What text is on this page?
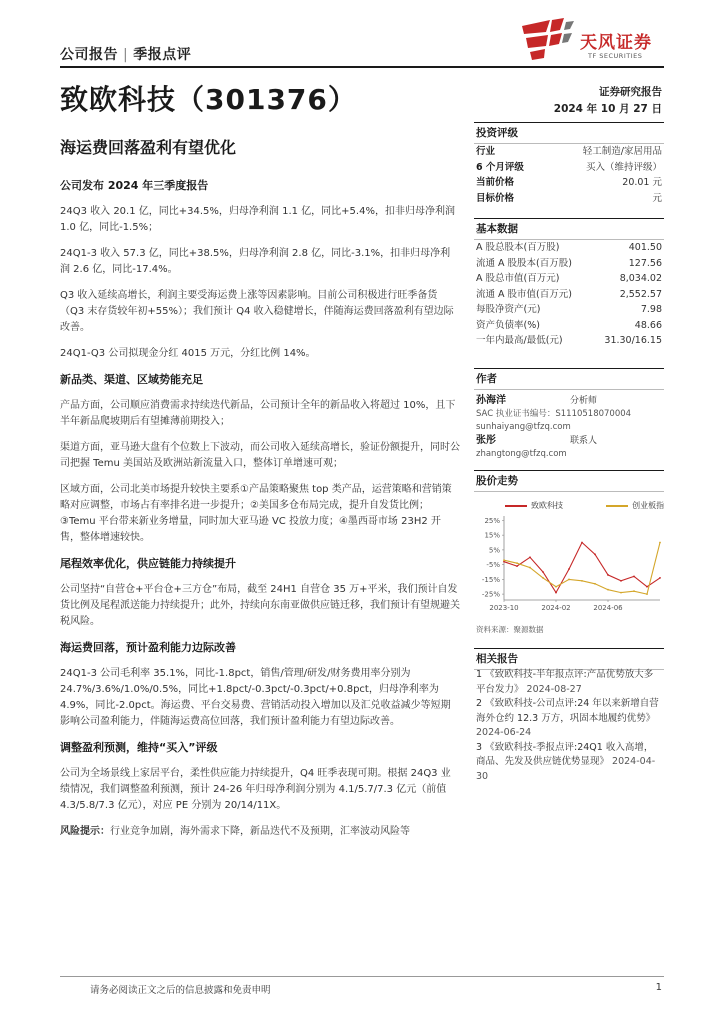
公司报告 | 季报点评
天风证券
TF SECURITIES
致欧科技（301376）	证券研究报告
2024 年 10 月 27 日
海运费回落盈利有望优化
公司发布 2024 年三季度报告

24Q3 收入 20.1 亿，同比+34.5%，归母净利润 1.1 亿，同比+5.4%，扣非归母净利润 1.0 亿，同比-1.5%；

24Q1-3 收入 57.3 亿，同比+38.5%，归母净利润 2.8 亿，同比-3.1%，扣非归母净利润 2.6 亿，同比-17.4%。

Q3 收入延续高增长，利润主要受海运费上涨等因素影响。目前公司积极进行旺季备货（Q3 末存货较年初+55%）；我们预计 Q4 收入稳健增长，伴随海运费回落盈利有望边际改善。

24Q1-Q3 公司拟现金分红 4015 万元，分红比例 14%。

新品类、渠道、区域势能充足

产品方面，公司顺应消费需求持续迭代新品，公司预计全年的新品收入将超过 10%，且下半年新品爬坡期后有望摊薄前期投入；

渠道方面，亚马逊大盘有个位数上下波动，而公司收入延续高增长，验证份额提升，同时公司把握 Temu 美国站及欧洲站新流量入口，整体订单增速可观；

区域方面，公司北美市场提升较快主要系①产品策略聚焦 top 类产品，运营策略和营销策略对应调整，市场占有率排名进一步提升；②美国多仓布局完成，提升自发货比例；③Temu 平台带来新业务增量，同时加大亚马逊 VC 投放力度；④墨西哥市场 23H2 开售，整体增速较快。

尾程效率优化，供应链能力持续提升

公司坚持“自营仓+平台仓+三方仓”布局，截至 24H1 自营仓 35 万+平米，我们预计自发货比例及尾程派送能力持续提升；此外，持续向东南亚做供应链迁移，我们预计有望规避关税风险。

海运费回落，预计盈利能力边际改善

24Q1-3 公司毛利率 35.1%，同比-1.8pct，销售/管理/研发/财务费用率分别为 24.7%/3.6%/1.0%/0.5%，同比+1.8pct/-0.3pct/-0.3pct/+0.8pct，归母净利率为 4.9%，同比-2.0pct。海运费、平台交易费、营销活动投入增加以及汇兑收益减少等短期影响公司盈利能力，伴随海运费高位回落，我们预计盈利能力有望边际改善。

调整盈利预测，维持“买入”评级

公司为全场景线上家居平台，柔性供应能力持续提升，Q4 旺季表现可期。根据 24Q3 业绩情况，我们调整盈利预测，预计 24-26 年归母净利润分别为 4.1/5.7/7.3 亿元（前值 4.3/5.8/7.3 亿元），对应 PE 分别为 20/14/11X。

风险提示：行业竞争加剧，海外需求下降，新品迭代不及预期，汇率波动风险等

投资评级
行业	轻工制造/家居用品
6 个月评级	买入（维持评级）
当前价格	20.01 元
目标价格	元
基本数据
A 股总股本(百万股)	401.50
流通 A 股股本(百万股)	127.56
A 股总市值(百万元)	8,034.02
流通 A 股市值(百万元)	2,552.57
每股净资产(元)	7.98
资产负债率(%)	48.66
一年内最高/最低(元)	31.30/16.15
作者
孙海洋	分析师
SAC 执业证书编号：S1110518070004
sunhaiyang@tfzq.com
张彤	联系人
zhangtong@tfzq.com
股价走势
致欧科技	创业板指
25%
15%
5%
-5%
-15%
-25%
2023-10	2024-02	2024-06
资料来源：聚源数据
相关报告
1 《致欧科技-半年报点评:产品优势放大多平台发力》 2024-08-27
2 《致欧科技-公司点评:24 年以来新增自营海外仓约 12.3 万方，巩固本地履约优势》 2024-06-24
3 《致欧科技-季报点评:24Q1 收入高增，商品、先发及供应链优势显现》 2024-04-30
请务必阅读正文之后的信息披露和免责申明	1
